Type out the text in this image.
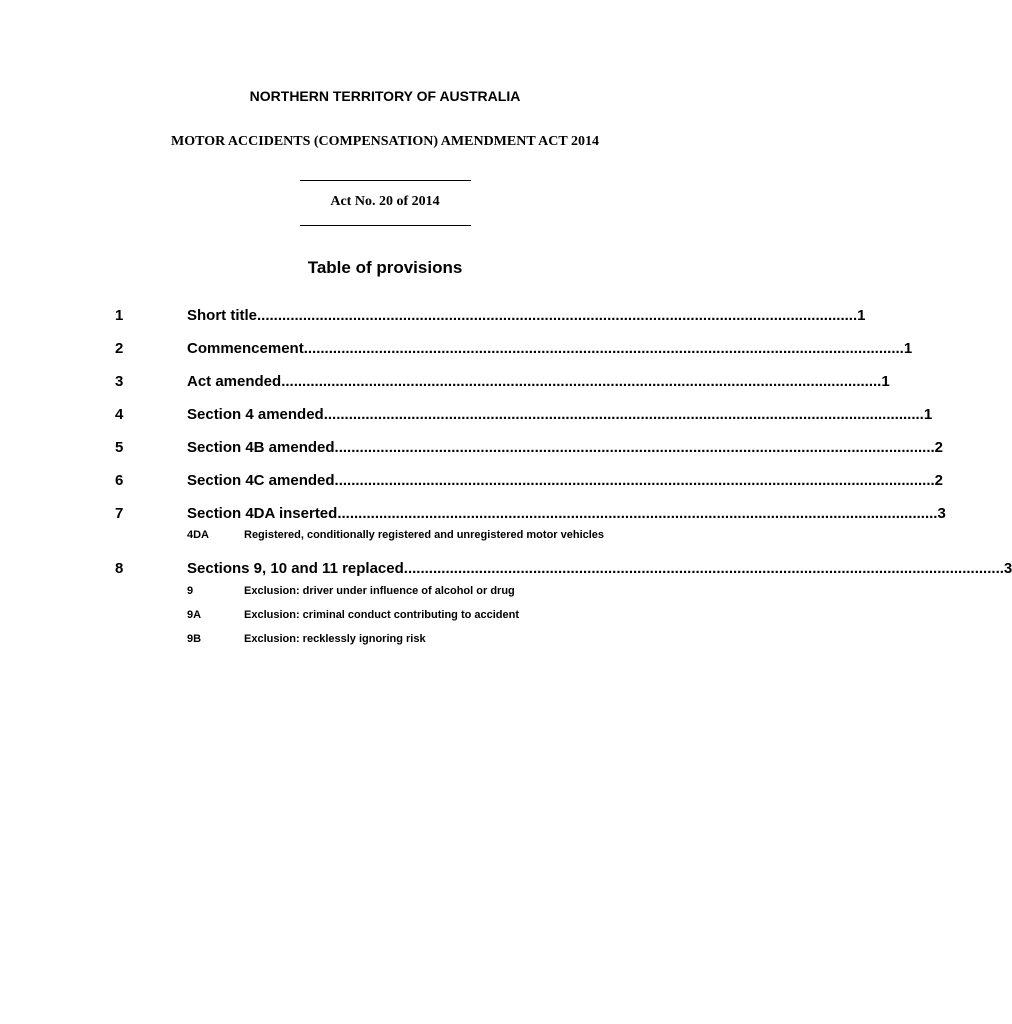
NORTHERN TERRITORY OF AUSTRALIA
MOTOR ACCIDENTS (COMPENSATION) AMENDMENT ACT 2014
Act No. 20 of 2014
Table of provisions
1	Short title ................................................................................................................................................ 1
2	Commencement ................................................................................................................................................ 1
3	Act amended ................................................................................................................................................ 1
4	Section 4 amended ................................................................................................................................................ 1
5	Section 4B amended ................................................................................................................................................ 2
6	Section 4C amended ................................................................................................................................................ 2
7	Section 4DA inserted ................................................................................................................................................ 3
4DA	Registered, conditionally registered and unregistered motor vehicles
8	Sections 9, 10 and 11 replaced ................................................................................................................................................ 3
9	Exclusion: driver under influence of alcohol or drug
9A	Exclusion: criminal conduct contributing to accident
9B	Exclusion: recklessly ignoring risk
